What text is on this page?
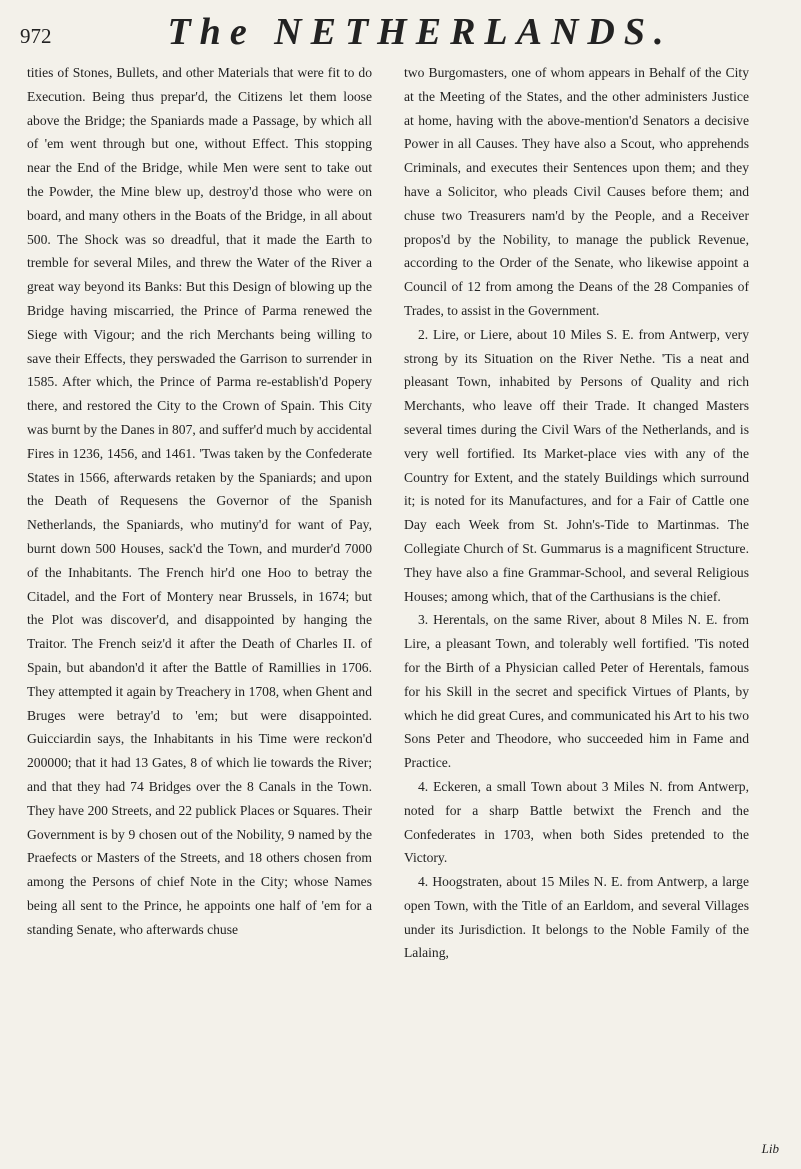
972	The NETHERLANDS.

tities of Stones, Bullets, and other Materials that were fit to do Execution. Being thus prepar'd, the Citizens let them loose above the Bridge; the Spaniards made a Passage, by which all of 'em went through but one, without Effect. This stopping near the End of the Bridge, while Men were sent to take out the Powder, the Mine blew up, destroy'd those who were on board, and many others in the Boats of the Bridge, in all about 500. The Shock was so dreadful, that it made the Earth to tremble for several Miles, and threw the Water of the River a great way beyond its Banks: But this Design of blowing up the Bridge having miscarried, the Prince of Parma renewed the Siege with Vigour; and the rich Merchants being willing to save their Effects, they perswaded the Garrison to surrender in 1585. After which, the Prince of Parma re-establish'd Popery there, and restored the City to the Crown of Spain. This City was burnt by the Danes in 807, and suffer'd much by accidental Fires in 1236, 1456, and 1461. 'Twas taken by the Confederate States in 1566, afterwards retaken by the Spaniards; and upon the Death of Requesens the Governor of the Spanish Netherlands, the Spaniards, who mutiny'd for want of Pay, burnt down 500 Houses, sack'd the Town, and murder'd 7000 of the Inhabitants. The French hir'd one Hoo to betray the Citadel, and the Fort of Montery near Brussels, in 1674; but the Plot was discover'd, and disappointed by hanging the Traitor. The French seiz'd it after the Death of Charles II. of Spain, but abandon'd it after the Battle of Ramillies in 1706. They attempted it again by Treachery in 1708, when Ghent and Bruges were betray'd to 'em; but were disappointed. Guicciardin says, the Inhabitants in his Time were reckon'd 200000; that it had 13 Gates, 8 of which lie towards the River; and that they had 74 Bridges over the 8 Canals in the Town. They have 200 Streets, and 22 publick Places or Squares. Their Government is by 9 chosen out of the Nobility, 9 named by the Praefects or Masters of the Streets, and 18 others chosen from among the Persons of chief Note in the City; whose Names being all sent to the Prince, he appoints one half of 'em for a standing Senate, who afterwards chuse

two Burgomasters, one of whom appears in Behalf of the City at the Meeting of the States, and the other administers Justice at home, having with the above-mention'd Senators a decisive Power in all Causes. They have also a Scout, who apprehends Criminals, and executes their Sentences upon them; and they have a Solicitor, who pleads Civil Causes before them; and chuse two Treasurers nam'd by the People, and a Receiver propos'd by the Nobility, to manage the publick Revenue, according to the Order of the Senate, who likewise appoint a Council of 12 from among the Deans of the 28 Companies of Trades, to assist in the Government.

2. Lire, or Liere, about 10 Miles S. E. from Antwerp, very strong by its Situation on the River Nethe. 'Tis a neat and pleasant Town, inhabited by Persons of Quality and rich Merchants, who leave off their Trade. It changed Masters several times during the Civil Wars of the Netherlands, and is very well fortified. Its Market-place vies with any of the Country for Extent, and the stately Buildings which surround it; is noted for its Manufactures, and for a Fair of Cattle one Day each Week from St. John's-Tide to Martinmas. The Collegiate Church of St. Gummarus is a magnificent Structure. They have also a fine Grammar-School, and several Religious Houses; among which, that of the Carthusians is the chief.

3. Herentals, on the same River, about 8 Miles N. E. from Lire, a pleasant Town, and tolerably well fortified. 'Tis noted for the Birth of a Physician called Peter of Herentals, famous for his Skill in the secret and specifick Virtues of Plants, by which he did great Cures, and communicated his Art to his two Sons Peter and Theodore, who succeeded him in Fame and Practice.

4. Eckeren, a small Town about 3 Miles N. from Antwerp, noted for a sharp Battle betwixt the French and the Confederates in 1703, when both Sides pretended to the Victory.

4. Hoogstraten, about 15 Miles N. E. from Antwerp, a large open Town, with the Title of an Earldom, and several Villages under its Jurisdiction. It belongs to the Noble Family of the Lalaing,

Lib
